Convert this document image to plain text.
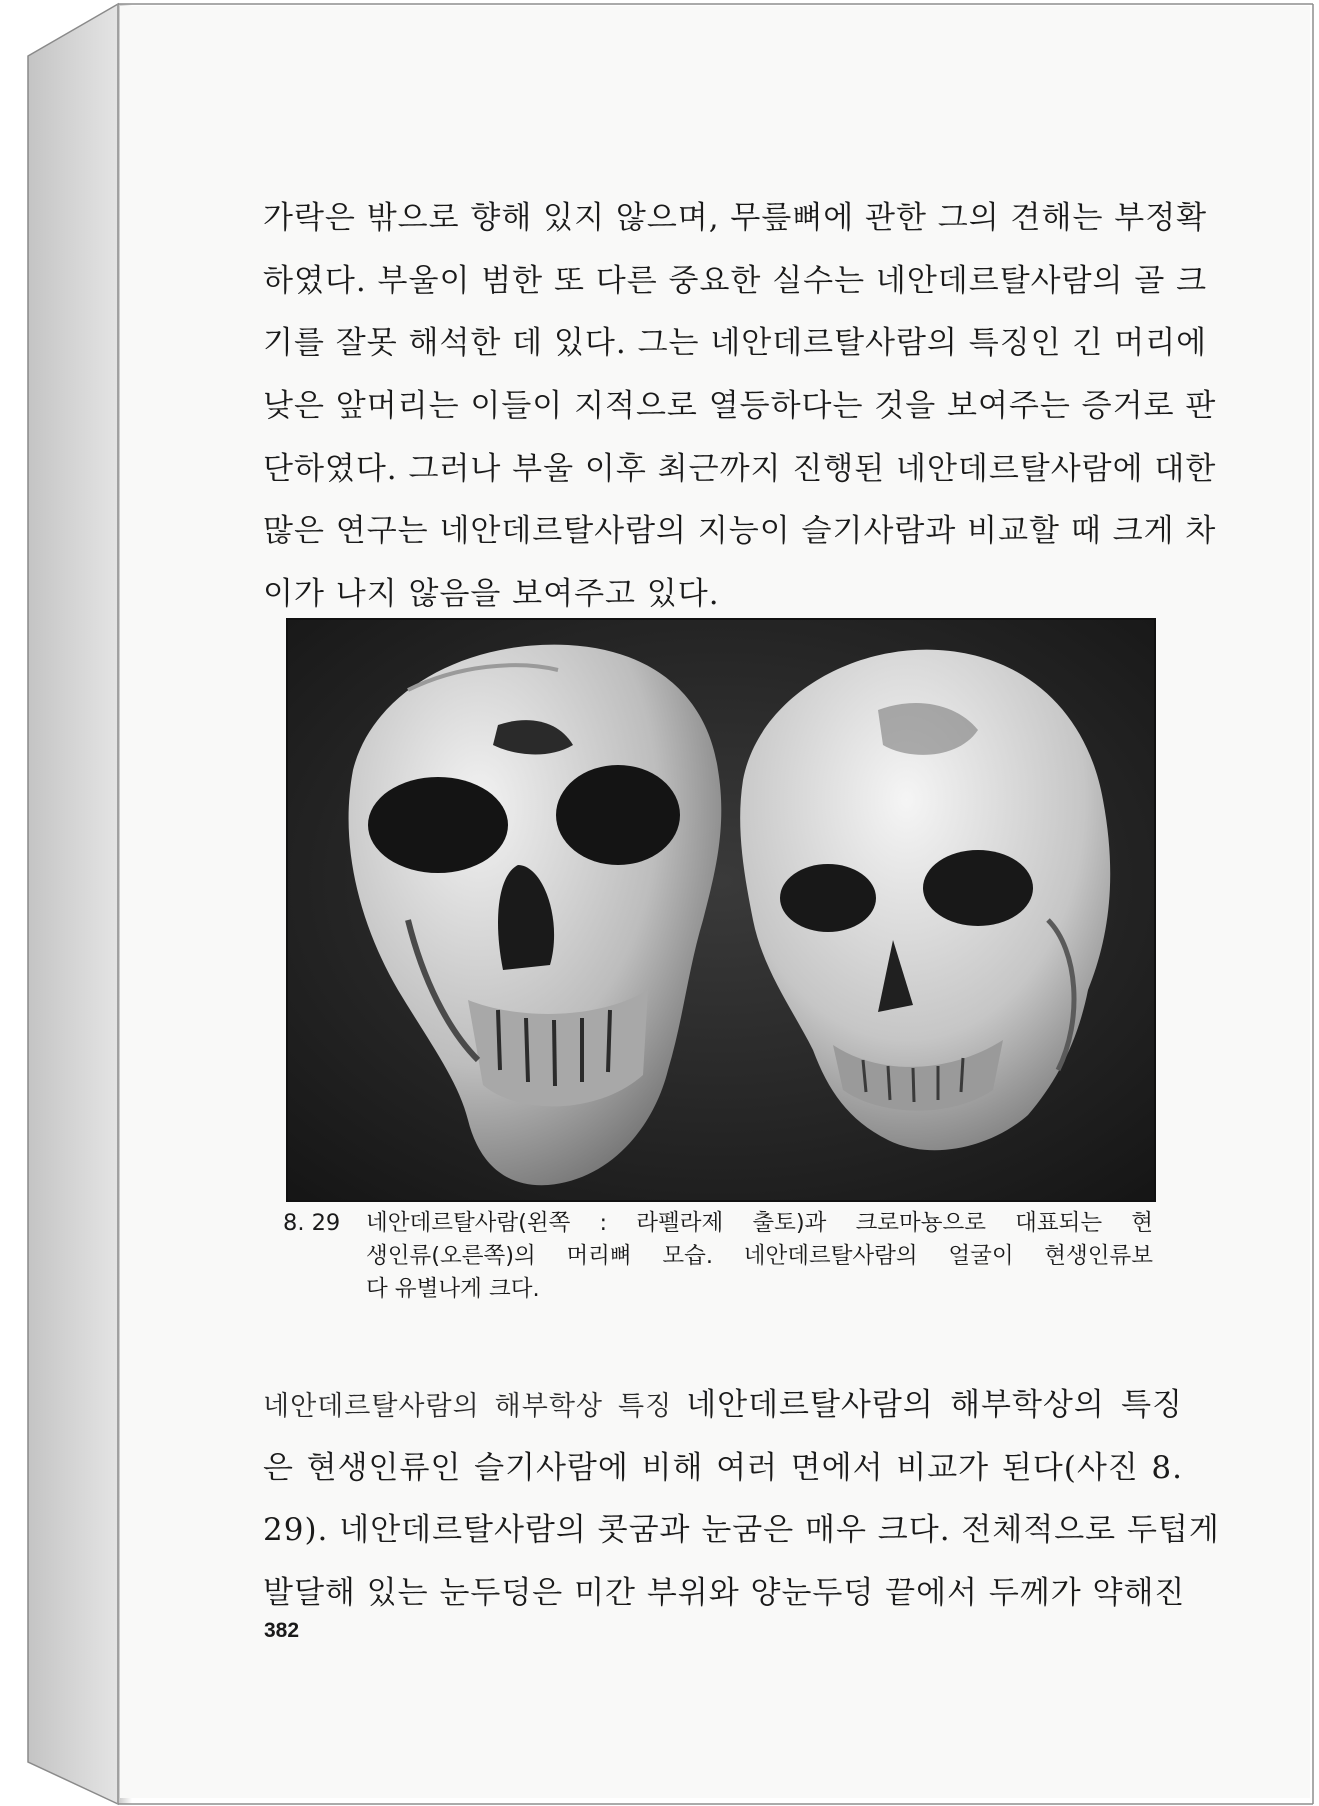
가락은 밖으로 향해 있지 않으며, 무릎뼈에 관한 그의 견해는 부정확
하였다. 부울이 범한 또 다른 중요한 실수는 네안데르탈사람의 골 크
기를 잘못 해석한 데 있다. 그는 네안데르탈사람의 특징인 긴 머리에
낮은 앞머리는 이들이 지적으로 열등하다는 것을 보여주는 증거로 판
단하였다. 그러나 부울 이후 최근까지 진행된 네안데르탈사람에 대한
많은 연구는 네안데르탈사람의 지능이 슬기사람과 비교할 때 크게 차
이가 나지 않음을 보여주고 있다.
8. 29	네안데르탈사람(왼쪽 : 라펠라제 출토)과 크로마뇽으로 대표되는 현
생인류(오른쪽)의 머리뼈 모습. 네안데르탈사람의 얼굴이 현생인류보
다 유별나게 크다.
네안데르탈사람의 해부학상 특징 네안데르탈사람의 해부학상의 특징
은 현생인류인 슬기사람에 비해 여러 면에서 비교가 된다(사진 8.
29). 네안데르탈사람의 콧굼과 눈굼은 매우 크다. 전체적으로 두텁게
발달해 있는 눈두덩은 미간 부위와 양눈두덩 끝에서 두께가 약해진
382
